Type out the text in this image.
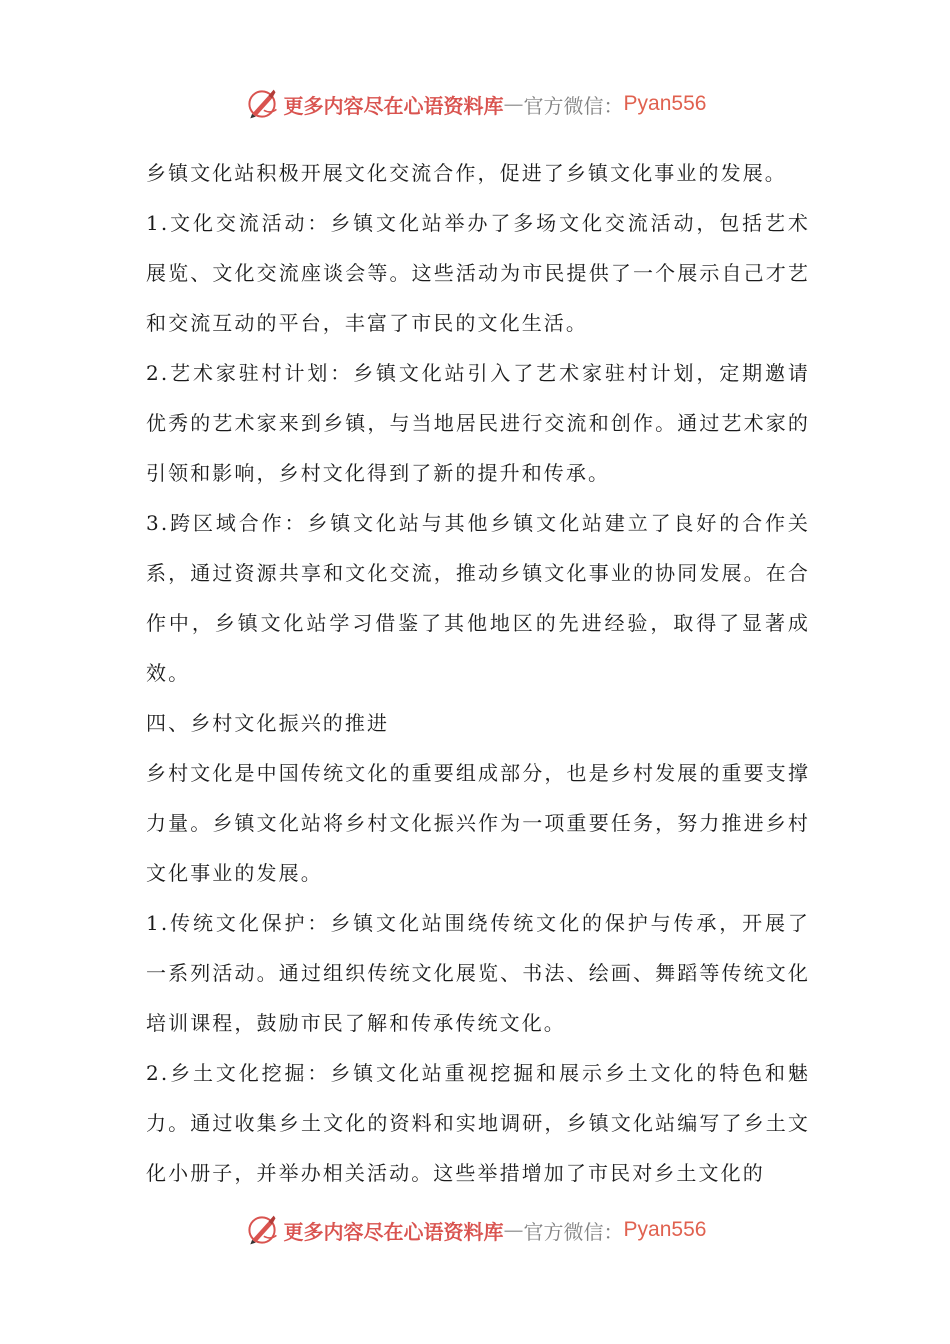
更多内容尽在心语资料库 — 官方微信： Pyan556

乡镇文化站积极开展文化交流合作，促进了乡镇文化事业的发展。

1.文化交流活动：乡镇文化站举办了多场文化交流活动，包括艺术展览、文化交流座谈会等。这些活动为市民提供了一个展示自己才艺和交流互动的平台，丰富了市民的文化生活。

2.艺术家驻村计划：乡镇文化站引入了艺术家驻村计划，定期邀请优秀的艺术家来到乡镇，与当地居民进行交流和创作。通过艺术家的引领和影响，乡村文化得到了新的提升和传承。

3.跨区域合作：乡镇文化站与其他乡镇文化站建立了良好的合作关系，通过资源共享和文化交流，推动乡镇文化事业的协同发展。在合作中，乡镇文化站学习借鉴了其他地区的先进经验，取得了显著成效。

四、乡村文化振兴的推进

乡村文化是中国传统文化的重要组成部分，也是乡村发展的重要支撑力量。乡镇文化站将乡村文化振兴作为一项重要任务，努力推进乡村文化事业的发展。

1.传统文化保护：乡镇文化站围绕传统文化的保护与传承，开展了一系列活动。通过组织传统文化展览、书法、绘画、舞蹈等传统文化培训课程，鼓励市民了解和传承传统文化。

2.乡土文化挖掘：乡镇文化站重视挖掘和展示乡土文化的特色和魅力。通过收集乡土文化的资料和实地调研，乡镇文化站编写了乡土文化小册子，并举办相关活动。这些举措增加了市民对乡土文化的

更多内容尽在心语资料库 — 官方微信： Pyan556
